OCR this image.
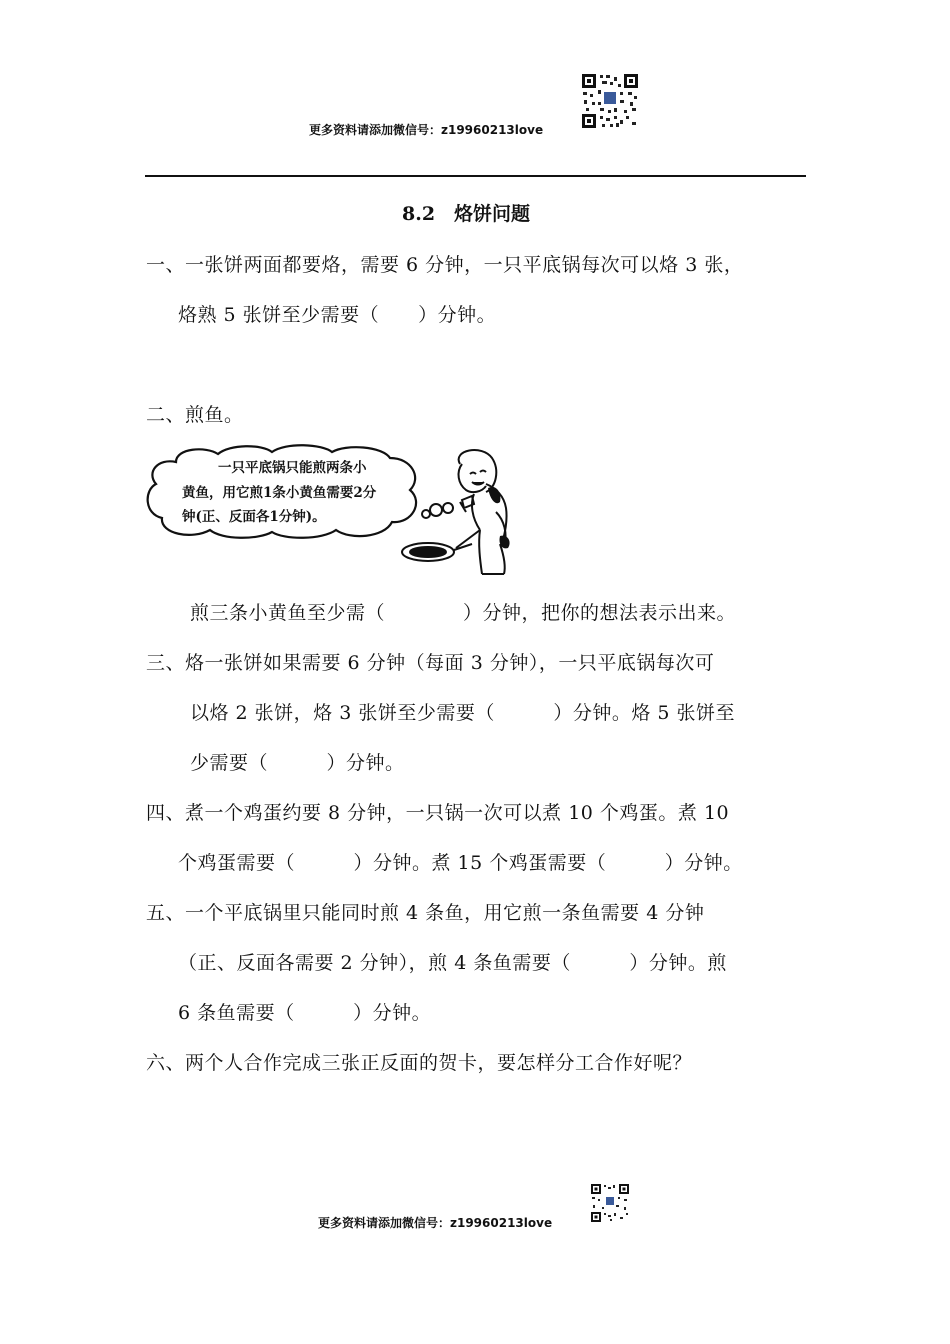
更多资料请添加微信号：z19960213love
8.2　烙饼问题
一、一张饼两面都要烙，需要 6 分钟，一只平底锅每次可以烙 3 张，
烙熟 5 张饼至少需要（　　）分钟。
二、煎鱼。
一只平底锅只能煎两条小
黄鱼，用它煎1条小黄鱼需要2分
钟(正、反面各1分钟)。
煎三条小黄鱼至少需（　　　　）分钟，把你的想法表示出来。
三、烙一张饼如果需要 6 分钟（每面 3 分钟），一只平底锅每次可
以烙 2 张饼，烙 3 张饼至少需要（　　　）分钟。烙 5 张饼至
少需要（　　　）分钟。
四、煮一个鸡蛋约要 8 分钟，一只锅一次可以煮 10 个鸡蛋。煮 10
个鸡蛋需要（　　　）分钟。煮 15 个鸡蛋需要（　　　）分钟。
五、一个平底锅里只能同时煎 4 条鱼，用它煎一条鱼需要 4 分钟
（正、反面各需要 2 分钟），煎 4 条鱼需要（　　　）分钟。煎
6 条鱼需要（　　　）分钟。
六、两个人合作完成三张正反面的贺卡，要怎样分工合作好呢？
更多资料请添加微信号：z19960213love
